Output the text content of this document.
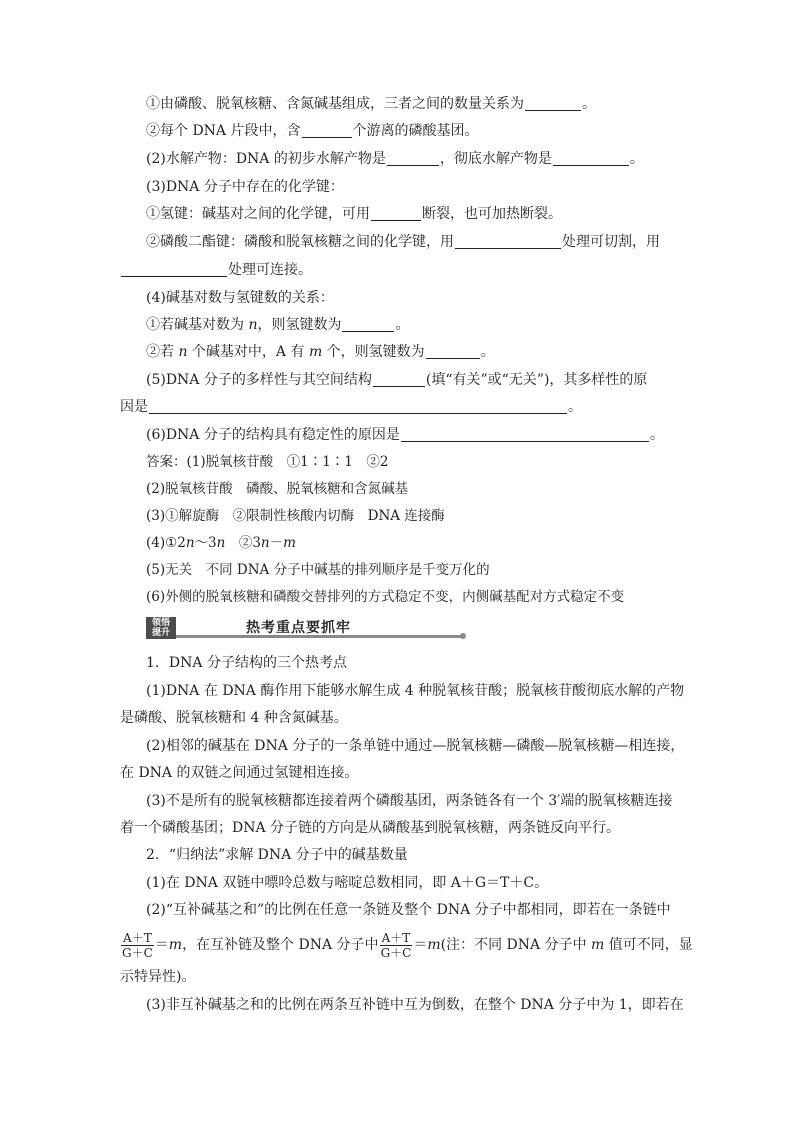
①由磷酸、脱氧核糖、含氮碱基组成，三者之间的数量关系为	。
②每个 DNA 片段中，含	个游离的磷酸基团。
(2)水解产物：DNA 的初步水解产物是	，彻底水解产物是	。
(3)DNA 分子中存在的化学键：
①氢键：碱基对之间的化学键，可用	断裂，也可加热断裂。
②磷酸二酯键：磷酸和脱氧核糖之间的化学键，用	处理可切割，用
处理可连接。
(4)碱基对数与氢键数的关系：
①若碱基对数为 n，则氢键数为	。
②若 n 个碱基对中，A 有 m 个，则氢键数为	。
(5)DNA 分子的多样性与其空间结构	(填“有关”或“无关”)，其多样性的原
因是	。
(6)DNA 分子的结构具有稳定性的原因是	。
答案：(1)脱氧核苷酸　①1∶1∶1　②2
(2)脱氧核苷酸　磷酸、脱氧核糖和含氮碱基
(3)①解旋酶　②限制性核酸内切酶　DNA 连接酶
(4)①2n～3n　②3n－m
(5)无关　不同 DNA 分子中碱基的排列顺序是千变万化的
(6)外侧的脱氧核糖和磷酸交替排列的方式稳定不变，内侧碱基配对方式稳定不变
领悟
提升	热考重点要抓牢
1．DNA 分子结构的三个热考点
(1)DNA 在 DNA 酶作用下能够水解生成 4 种脱氧核苷酸；脱氧核苷酸彻底水解的产物
是磷酸、脱氧核糖和 4 种含氮碱基。
(2)相邻的碱基在 DNA 分子的一条单链中通过—脱氧核糖—磷酸—脱氧核糖—相连接，
在 DNA 的双链之间通过氢键相连接。
(3)不是所有的脱氧核糖都连接着两个磷酸基团，两条链各有一个 3′端的脱氧核糖连接
着一个磷酸基团；DNA 分子链的方向是从磷酸基到脱氧核糖，两条链反向平行。
2．“归纳法”求解 DNA 分子中的碱基数量
(1)在 DNA 双链中嘌呤总数与嘧啶总数相同，即 A＋G＝T＋C。
(2)“互补碱基之和”的比例在任意一条链及整个 DNA 分子中都相同，即若在一条链中
$\frac{A+T}{G+C} =m$，在互补链及整个 DNA 分子中 $\frac{A+T}{G+C} =m$(注：不同 DNA 分子中 m 值可不同，显
示特异性)。
(3)非互补碱基之和的比例在两条互补链中互为倒数，在整个 DNA 分子中为 1，即若在
